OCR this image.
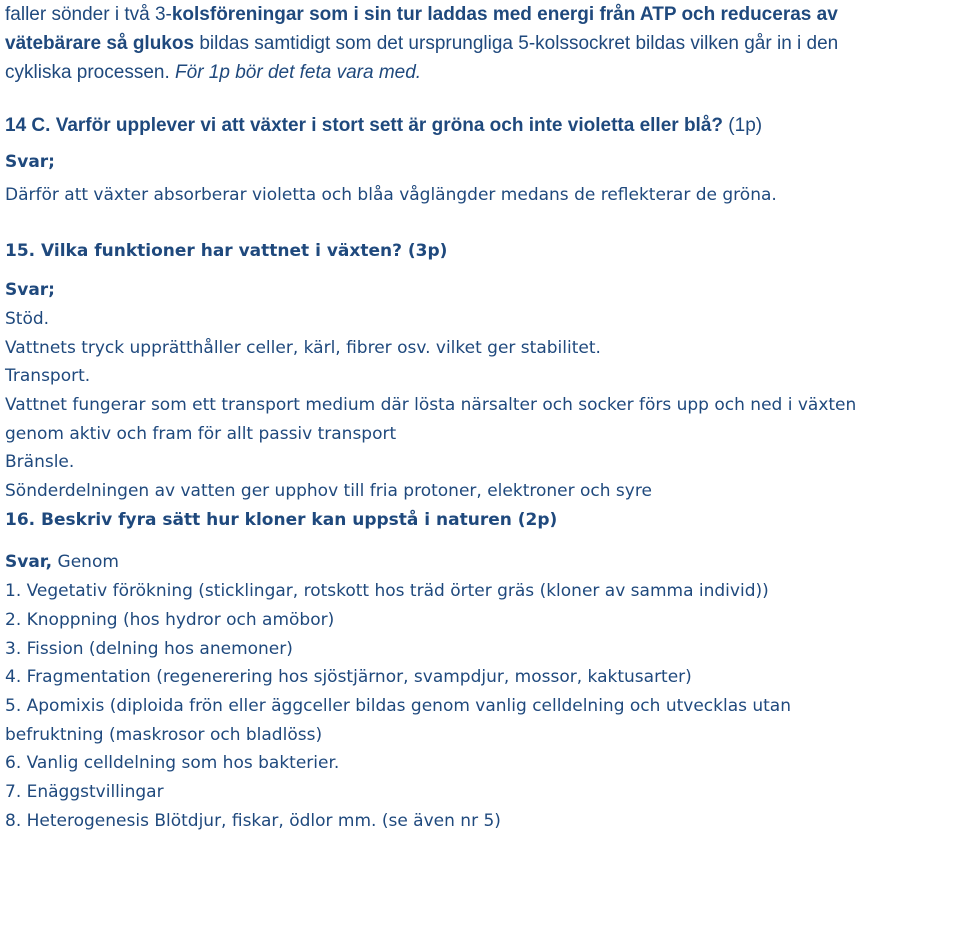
faller sönder i två 3-kolsföreningar som i sin tur laddas med energi från ATP och reduceras av
vätebärare så glukos bildas samtidigt som det ursprungliga 5-kolssockret bildas vilken går in i den
cykliska processen. För 1p bör det feta vara med.
14 C. Varför upplever vi att växter i stort sett är gröna och inte violetta eller blå? (1p)
Svar;
Därför att växter absorberar violetta och blåa våglängder medans de reflekterar de gröna.
15. Vilka funktioner har vattnet i växten? (3p)
Svar;
Stöd.
Vattnets tryck upprätthåller celler, kärl, fibrer osv. vilket ger stabilitet.
Transport.
Vattnet fungerar som ett transport medium där lösta närsalter och socker förs upp och ned i växten
genom aktiv och fram för allt passiv transport
Bränsle.
Sönderdelningen av vatten ger upphov till fria protoner, elektroner och syre
16. Beskriv fyra sätt hur kloner kan uppstå i naturen (2p)
Svar, Genom
1. Vegetativ förökning (sticklingar, rotskott hos träd örter gräs (kloner av samma individ))
2. Knoppning (hos hydror och amöbor)
3. Fission (delning hos anemoner)
4. Fragmentation (regenerering hos sjöstjärnor, svampdjur, mossor, kaktusarter)
5. Apomixis (diploida frön eller äggceller bildas genom vanlig celldelning och utvecklas utan
befruktning (maskrosor och bladlöss)
6. Vanlig celldelning som hos bakterier.
7. Enäggstvillingar
8. Heterogenesis Blötdjur, fiskar, ödlor mm. (se även nr 5)
